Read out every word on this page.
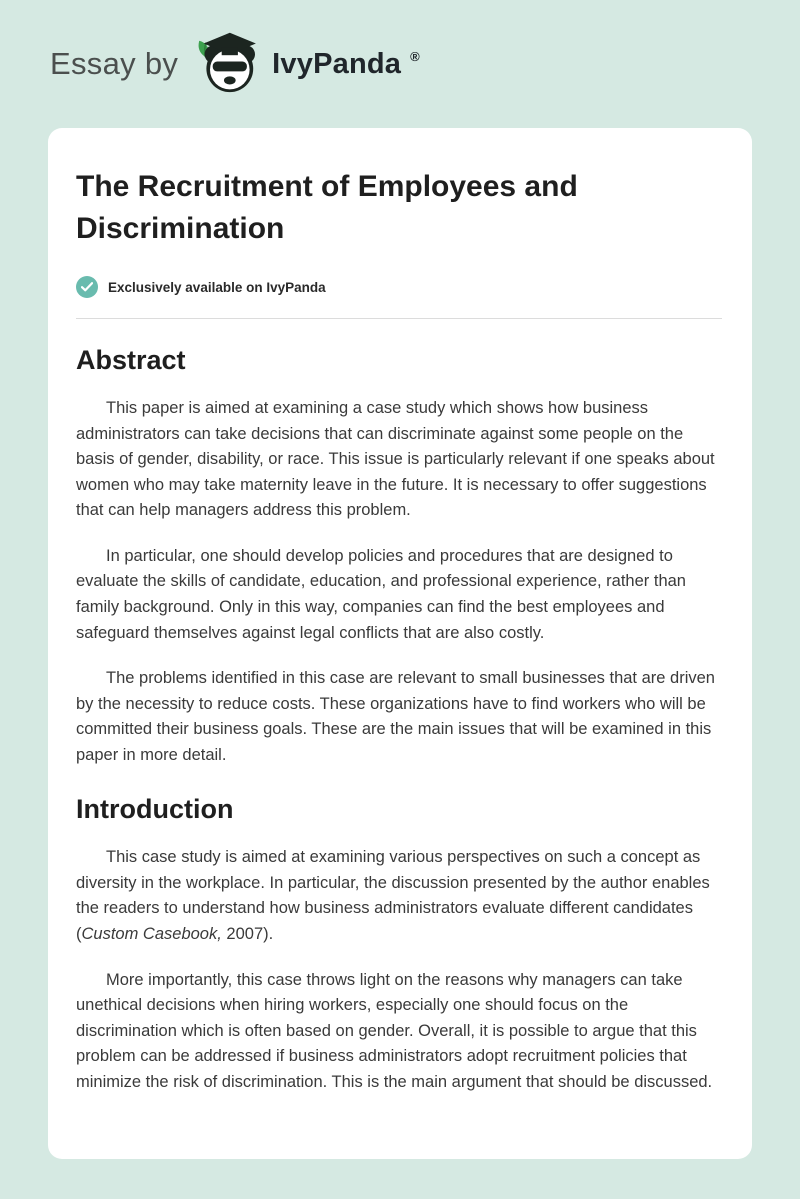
Essay by	IvyPanda ®
The Recruitment of Employees and Discrimination
Exclusively available on IvyPanda
Abstract

This paper is aimed at examining a case study which shows how business administrators can take decisions that can discriminate against some people on the basis of gender, disability, or race. This issue is particularly relevant if one speaks about women who may take maternity leave in the future. It is necessary to offer suggestions that can help managers address this problem.

In particular, one should develop policies and procedures that are designed to evaluate the skills of candidate, education, and professional experience, rather than family background. Only in this way, companies can find the best employees and safeguard themselves against legal conflicts that are also costly.

The problems identified in this case are relevant to small businesses that are driven by the necessity to reduce costs. These organizations have to find workers who will be committed their business goals. These are the main issues that will be examined in this paper in more detail.

Introduction

This case study is aimed at examining various perspectives on such a concept as diversity in the workplace. In particular, the discussion presented by the author enables the readers to understand how business administrators evaluate different candidates (Custom Casebook, 2007).

More importantly, this case throws light on the reasons why managers can take unethical decisions when hiring workers, especially one should focus on the discrimination which is often based on gender. Overall, it is possible to argue that this problem can be addressed if business administrators adopt recruitment policies that minimize the risk of discrimination. This is the main argument that should be discussed.
